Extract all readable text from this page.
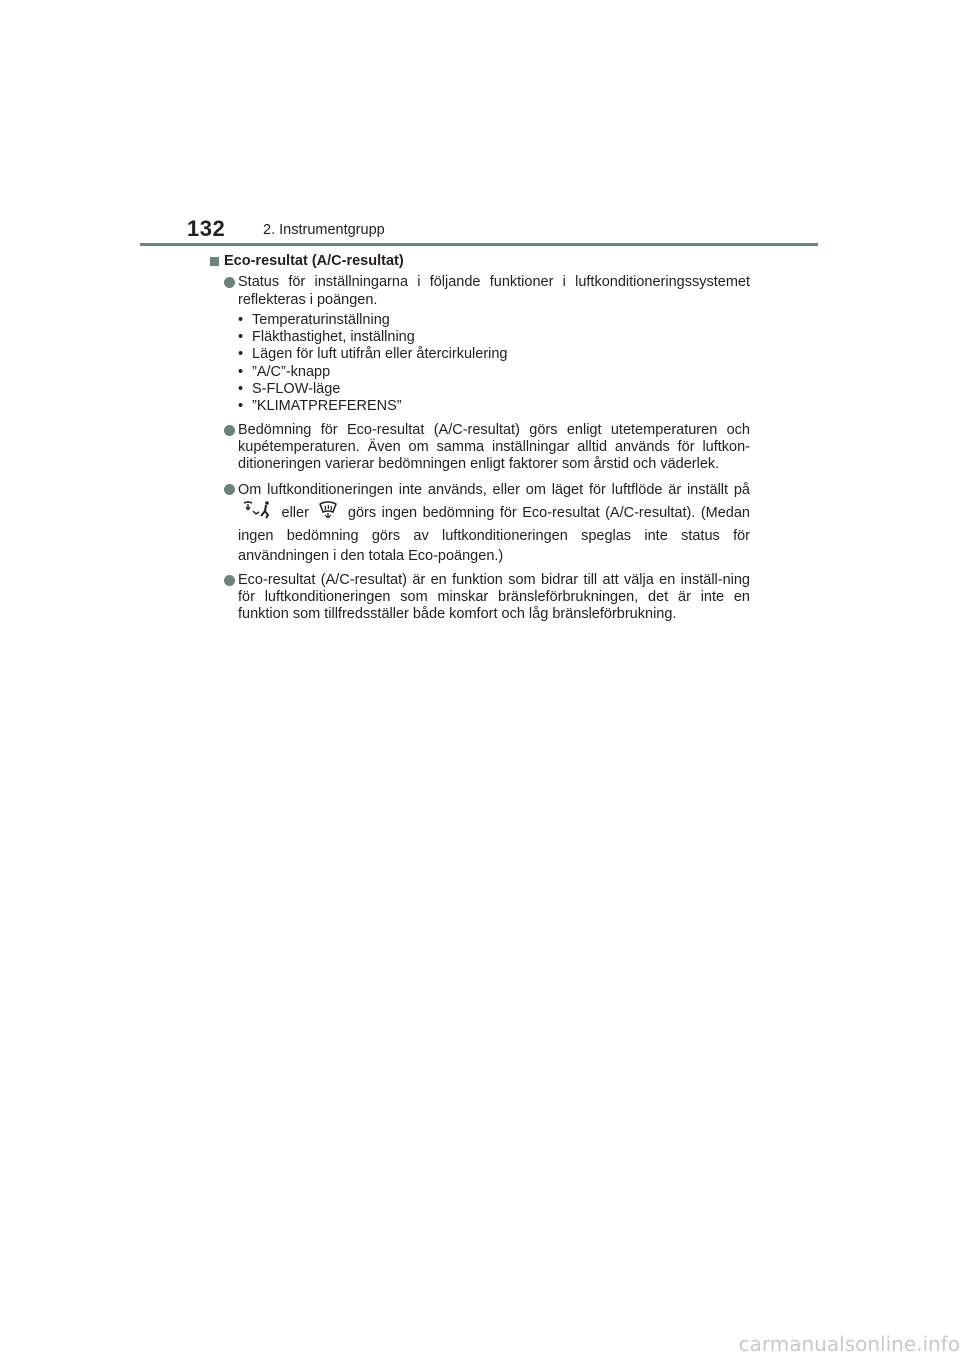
132	2. Instrumentgrupp
Eco-resultat (A/C-resultat)
Status för inställningarna i följande funktioner i luftkonditioneringssystemet reflekteras i poängen.
• Temperaturinställning
• Fläkthastighet, inställning
• Lägen för luft utifrån eller återcirkulering
• ”A/C”-knapp
• S-FLOW-läge
• ”KLIMATPREFERENS”
Bedömning för Eco-resultat (A/C-resultat) görs enligt utetemperaturen och kupétemperaturen. Även om samma inställningar alltid används för luftkon-ditioneringen varierar bedömningen enligt faktorer som årstid och väderlek.
Om luftkonditioneringen inte används, eller om läget för luftflöde är inställt på  eller	görs ingen bedömning för Eco-resultat (A/C-resultat). (Medan ingen bedömning görs av luftkonditioneringen speglas inte status för användningen i den totala Eco-poängen.)
Eco-resultat (A/C-resultat) är en funktion som bidrar till att välja en inställ-ning för luftkonditioneringen som minskar bränsleförbrukningen, det är inte en funktion som tillfredsställer både komfort och låg bränsleförbrukning.
carmanualsonline.info
